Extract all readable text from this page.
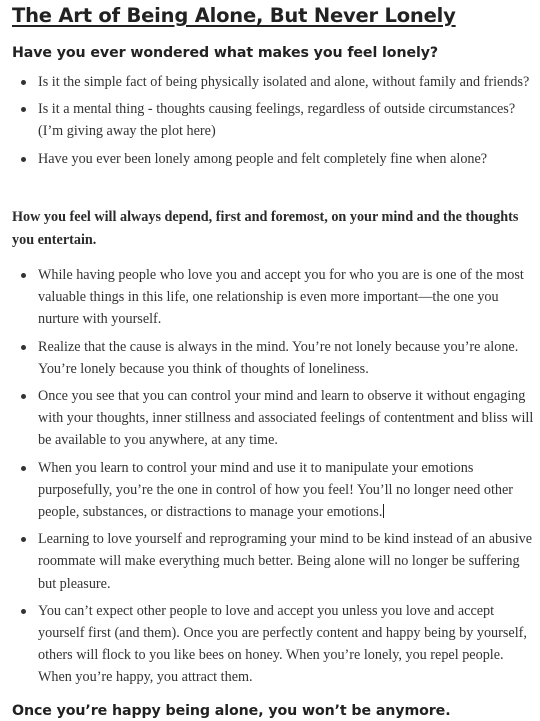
The Art of Being Alone, But Never Lonely
Have you ever wondered what makes you feel lonely?
Is it the simple fact of being physically isolated and alone, without family and friends?
Is it a mental thing - thoughts causing feelings, regardless of outside circumstances? (I’m giving away the plot here)
Have you ever been lonely among people and felt completely fine when alone?

How you feel will always depend, first and foremost, on your mind and the thoughts you entertain.

While having people who love you and accept you for who you are is one of the most valuable things in this life, one relationship is even more important—the one you nurture with yourself.
Realize that the cause is always in the mind. You’re not lonely because you’re alone. You’re lonely because you think of thoughts of loneliness.
Once you see that you can control your mind and learn to observe it without engaging with your thoughts, inner stillness and associated feelings of contentment and bliss will be available to you anywhere, at any time.
When you learn to control your mind and use it to manipulate your emotions purposefully, you’re the one in control of how you feel! You’ll no longer need other people, substances, or distractions to manage your emotions.
Learning to love yourself and reprograming your mind to be kind instead of an abusive roommate will make everything much better. Being alone will no longer be suffering but pleasure.
You can’t expect other people to love and accept you unless you love and accept yourself first (and them). Once you are perfectly content and happy being by yourself, others will flock to you like bees on honey. When you’re lonely, you repel people. When you’re happy, you attract them.
Once you’re happy being alone, you won’t be anymore.
